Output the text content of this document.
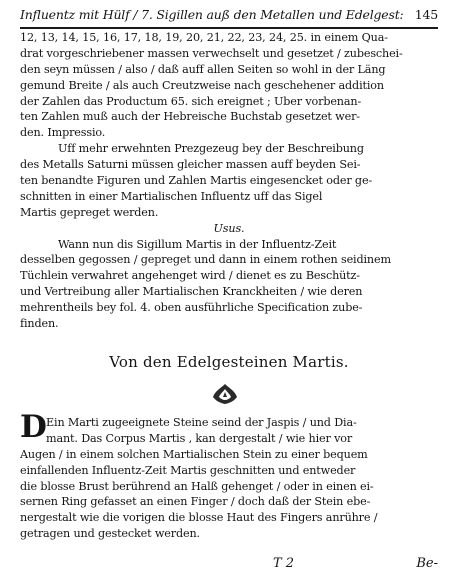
Influentz mit Hülf / 7. Sigillen auß den Metallen und Edelgest: 145
12, 13, 14, 15, 16, 17, 18, 19, 20, 21, 22, 23, 24, 25. in einem Qua-
drat vorgeschriebener massen verwechselt und gesetzet / zubeschei-
den seyn müssen / also / daß auff allen Seiten so wohl in der Läng
gemund Breite / als auch Creutzweise nach geschehener addition
der Zahlen das Productum 65. sich ereignet ; Uber vorbenan-
ten Zahlen muß auch der Hebreische Buchstab gesetzet wer-
den. Impressio.
Uff mehr erwehnten Prezgezeug bey der Beschreibung
des Metalls Saturni müssen gleicher massen auff beyden Sei-
ten benandte Figuren und Zahlen Martis eingesencket oder ge-
schnitten in einer Martialischen Influentz uff das Sigel
Martis gepreget werden.
Usus.
Wann nun dis Sigillum Martis in der Influentz-Zeit
desselben gegossen / gepreget und dann in einem rothen seidinem
Tüchlein verwahret angehenget wird / dienet es zu Beschütz-
und Vertreibung aller Martialischen Kranckheiten / wie deren
mehrentheils bey fol. 4. oben ausführliche Specification zube-
finden.
Von den Edelgesteinen Martis.
D Ein Marti zugeeignete Steine seind der Jaspis / und Dia-
mant. Das Corpus Martis , kan dergestalt / wie hier vor
Augen / in einem solchen Martialischen Stein zu einer bequem
einfallenden Influentz-Zeit Martis geschnitten und entweder
die blosse Brust berührend an Halß gehenget / oder in einen ei-
sernen Ring gefasset an einen Finger / doch daß der Stein ebe-
nergestalt wie die vorigen die blosse Haut des Fingers anrühre /
getragen und gestecket werden.
T 2	Be-
